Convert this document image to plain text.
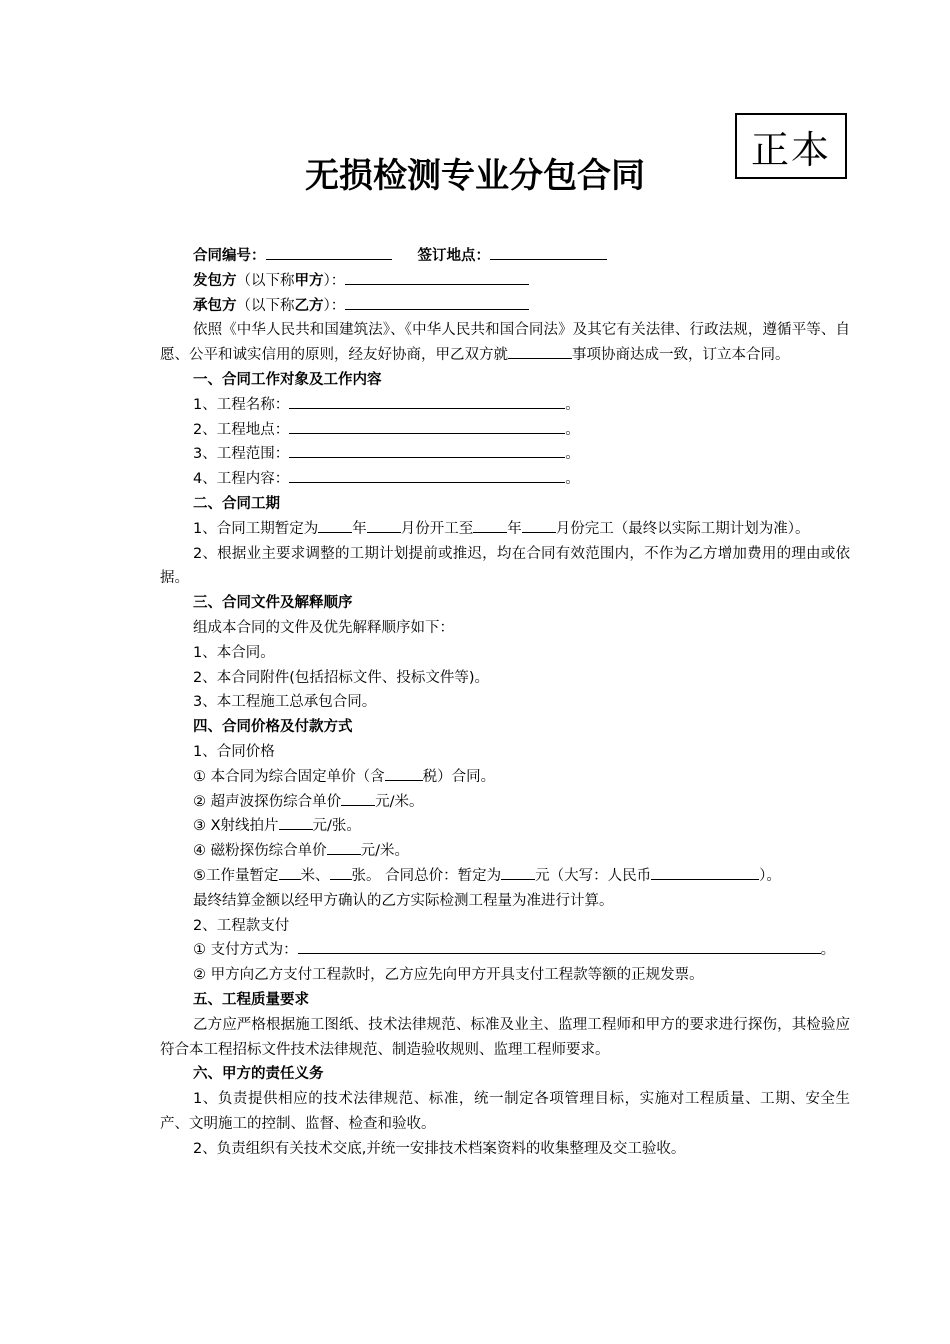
正本
无损检测专业分包合同
合同编号：	签订地点：
发包方（以下称甲方）：
承包方（以下称乙方）：
依照《中华人民共和国建筑法》、《中华人民共和国合同法》及其它有关法律、行政法规，遵循平等、自愿、公平和诚实信用的原则，经友好协商，甲乙双方就	事项协商达成一致，订立本合同。
一、合同工作对象及工作内容
1、工程名称：	。
2、工程地点：	。
3、工程范围：	。
4、工程内容：	。
二、合同工期
1、合同工期暂定为 年 月份开工至 年 月份完工（最终以实际工期计划为准）。
2、根据业主要求调整的工期计划提前或推迟，均在合同有效范围内，不作为乙方增加费用的理由或依据。
三、合同文件及解释顺序
组成本合同的文件及优先解释顺序如下：
1、本合同。
2、本合同附件(包括招标文件、投标文件等)。
3、本工程施工总承包合同。
四、合同价格及付款方式
1、合同价格
① 本合同为综合固定单价（含	税）合同。
② 超声波探伤综合单价 元/米。
③ X射线拍片 元/张。
④ 磁粉探伤综合单价 元/米。
⑤工作量暂定 米、 张。 合同总价：暂定为 元（大写：人民币	）。
最终结算金额以经甲方确认的乙方实际检测工程量为准进行计算。
2、工程款支付
① 支付方式为：	。
② 甲方向乙方支付工程款时，乙方应先向甲方开具支付工程款等额的正规发票。
五、工程质量要求
乙方应严格根据施工图纸、技术法律规范、标准及业主、监理工程师和甲方的要求进行探伤，其检验应符合本工程招标文件技术法律规范、制造验收规则、监理工程师要求。
六、甲方的责任义务
1、负责提供相应的技术法律规范、标准，统一制定各项管理目标，实施对工程质量、工期、安全生产、文明施工的控制、监督、检查和验收。
2、负责组织有关技术交底,并统一安排技术档案资料的收集整理及交工验收。
